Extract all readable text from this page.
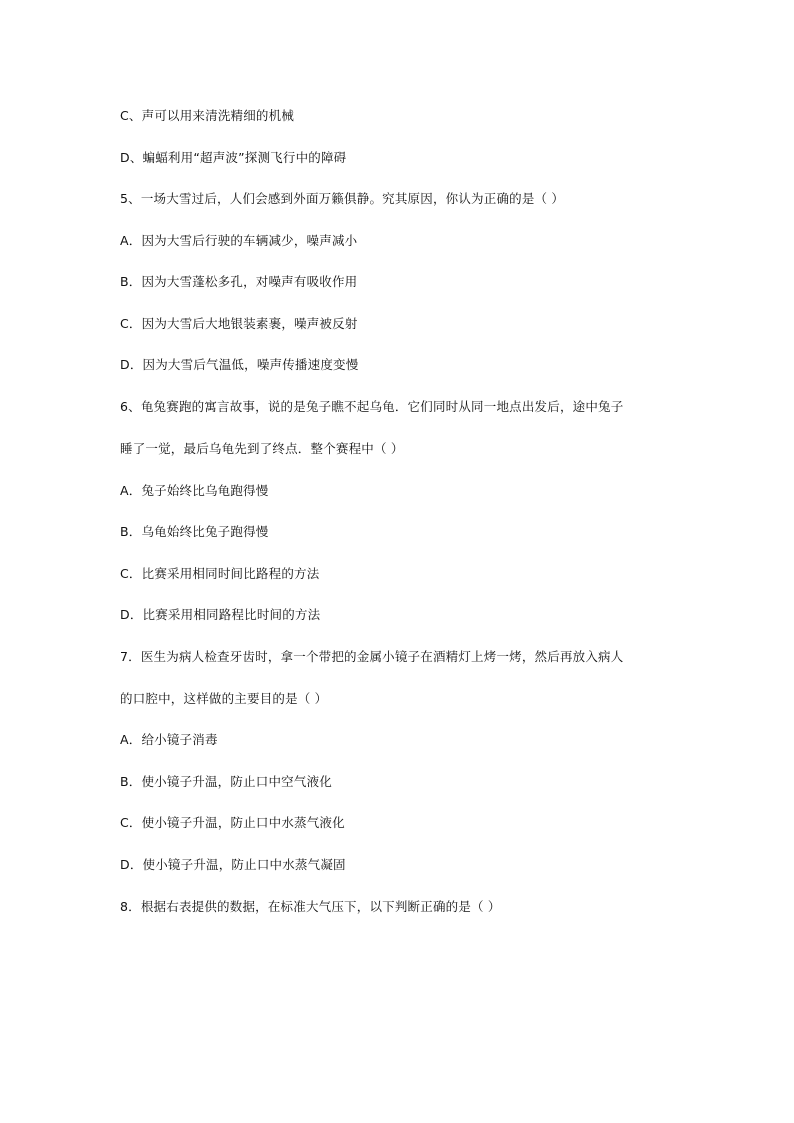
C、声可以用来清洗精细的机械
D、蝙蝠利用“超声波”探测飞行中的障碍
5、一场大雪过后，人们会感到外面万籁俱静。究其原因，你认为正确的是（ ）
A．因为大雪后行驶的车辆减少，噪声减小
B．因为大雪蓬松多孔，对噪声有吸收作用
C．因为大雪后大地银装素裹，噪声被反射
D．因为大雪后气温低，噪声传播速度变慢
6、龟兔赛跑的寓言故事，说的是兔子瞧不起乌龟．它们同时从同一地点出发后，途中兔子
睡了一觉，最后乌龟先到了终点．整个赛程中（ ）
A．兔子始终比乌龟跑得慢
B．乌龟始终比兔子跑得慢
C．比赛采用相同时间比路程的方法
D．比赛采用相同路程比时间的方法
7．医生为病人检查牙齿时，拿一个带把的金属小镜子在酒精灯上烤一烤，然后再放入病人
的口腔中，这样做的主要目的是（ ）
A．给小镜子消毒
B．使小镜子升温，防止口中空气液化
C．使小镜子升温，防止口中水蒸气液化
D．使小镜子升温，防止口中水蒸气凝固
8．根据右表提供的数据，在标准大气压下，以下判断正确的是（ ）
